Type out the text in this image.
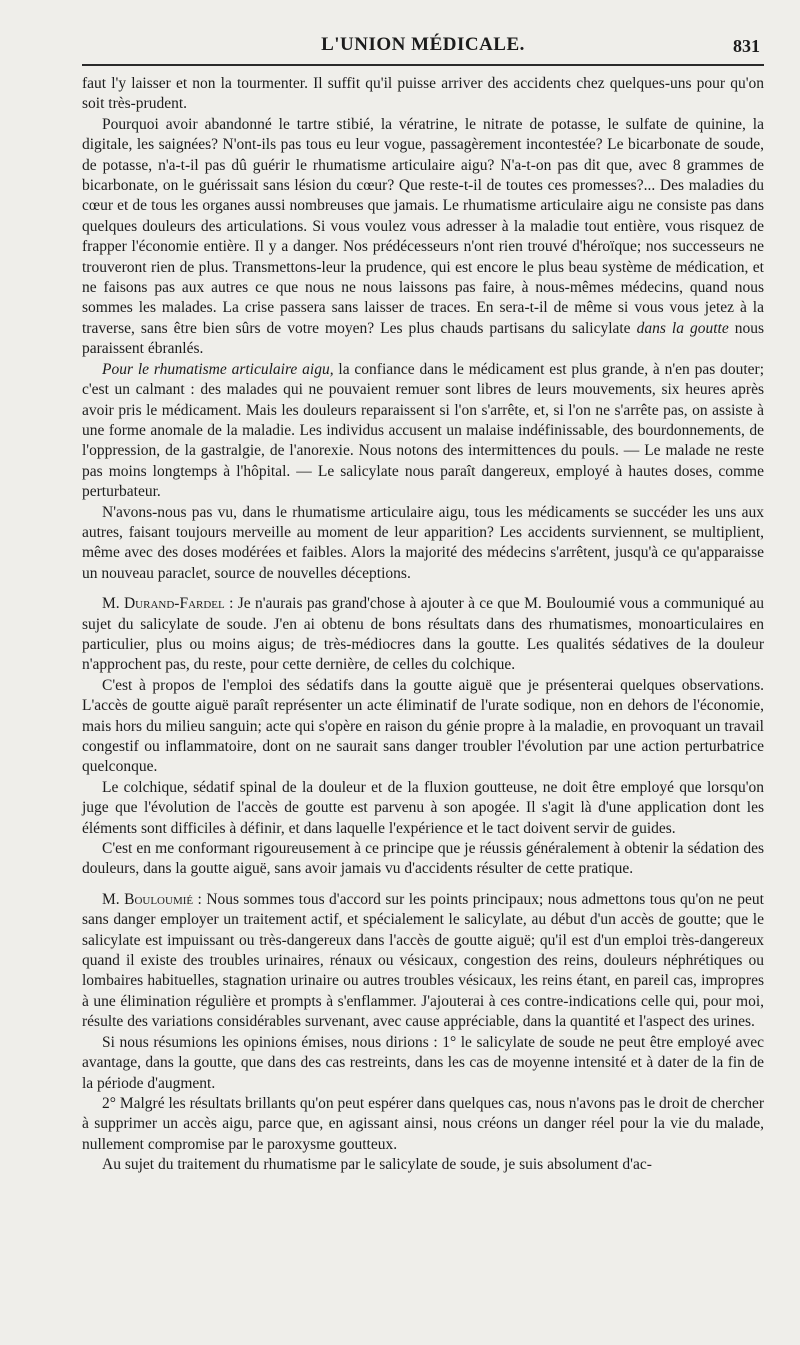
L'UNION MÉDICALE.	831

faut l'y laisser et non la tourmenter. Il suffit qu'il puisse arriver des accidents chez quelques-uns pour qu'on soit très-prudent.

Pourquoi avoir abandonné le tartre stibié, la vératrine, le nitrate de potasse, le sulfate de quinine, la digitale, les saignées? N'ont-ils pas tous eu leur vogue, passagèrement incontestée? Le bicarbonate de soude, de potasse, n'a-t-il pas dû guérir le rhumatisme articulaire aigu? N'a-t-on pas dit que, avec 8 grammes de bicarbonate, on le guérissait sans lésion du cœur? Que reste-t-il de toutes ces promesses?... Des maladies du cœur et de tous les organes aussi nombreuses que jamais. Le rhumatisme articulaire aigu ne consiste pas dans quelques douleurs des articulations. Si vous voulez vous adresser à la maladie tout entière, vous risquez de frapper l'économie entière. Il y a danger. Nos prédécesseurs n'ont rien trouvé d'héroïque; nos successeurs ne trouveront rien de plus. Transmettons-leur la prudence, qui est encore le plus beau système de médication, et ne faisons pas aux autres ce que nous ne nous laissons pas faire, à nous-mêmes médecins, quand nous sommes les malades. La crise passera sans laisser de traces. En sera-t-il de même si vous vous jetez à la traverse, sans être bien sûrs de votre moyen? Les plus chauds partisans du salicylate dans la goutte nous paraissent ébranlés.

Pour le rhumatisme articulaire aigu, la confiance dans le médicament est plus grande, à n'en pas douter; c'est un calmant : des malades qui ne pouvaient remuer sont libres de leurs mouvements, six heures après avoir pris le médicament. Mais les douleurs reparaissent si l'on s'arrête, et, si l'on ne s'arrête pas, on assiste à une forme anomale de la maladie. Les individus accusent un malaise indéfinissable, des bourdonnements, de l'oppression, de la gastralgie, de l'anorexie. Nous notons des intermittences du pouls. — Le malade ne reste pas moins longtemps à l'hôpital. — Le salicylate nous paraît dangereux, employé à hautes doses, comme perturbateur.

N'avons-nous pas vu, dans le rhumatisme articulaire aigu, tous les médicaments se succéder les uns aux autres, faisant toujours merveille au moment de leur apparition? Les accidents surviennent, se multiplient, même avec des doses modérées et faibles. Alors la majorité des médecins s'arrêtent, jusqu'à ce qu'apparaisse un nouveau paraclet, source de nouvelles déceptions.

M. Durand-Fardel : Je n'aurais pas grand'chose à ajouter à ce que M. Bouloumié vous a communiqué au sujet du salicylate de soude. J'en ai obtenu de bons résultats dans des rhumatismes, monoarticulaires en particulier, plus ou moins aigus; de très-médiocres dans la goutte. Les qualités sédatives de la douleur n'approchent pas, du reste, pour cette dernière, de celles du colchique.

C'est à propos de l'emploi des sédatifs dans la goutte aiguë que je présenterai quelques observations. L'accès de goutte aiguë paraît représenter un acte éliminatif de l'urate sodique, non en dehors de l'économie, mais hors du milieu sanguin; acte qui s'opère en raison du génie propre à la maladie, en provoquant un travail congestif ou inflammatoire, dont on ne saurait sans danger troubler l'évolution par une action perturbatrice quelconque.

Le colchique, sédatif spinal de la douleur et de la fluxion goutteuse, ne doit être employé que lorsqu'on juge que l'évolution de l'accès de goutte est parvenu à son apogée. Il s'agit là d'une application dont les éléments sont difficiles à définir, et dans laquelle l'expérience et le tact doivent servir de guides.

C'est en me conformant rigoureusement à ce principe que je réussis généralement à obtenir la sédation des douleurs, dans la goutte aiguë, sans avoir jamais vu d'accidents résulter de cette pratique.

M. Bouloumié : Nous sommes tous d'accord sur les points principaux; nous admettons tous qu'on ne peut sans danger employer un traitement actif, et spécialement le salicylate, au début d'un accès de goutte; que le salicylate est impuissant ou très-dangereux dans l'accès de goutte aiguë; qu'il est d'un emploi très-dangereux quand il existe des troubles urinaires, rénaux ou vésicaux, congestion des reins, douleurs néphrétiques ou lombaires habituelles, stagnation urinaire ou autres troubles vésicaux, les reins étant, en pareil cas, impropres à une élimination régulière et prompts à s'enflammer. J'ajouterai à ces contre-indications celle qui, pour moi, résulte des variations considérables survenant, avec cause appréciable, dans la quantité et l'aspect des urines.

Si nous résumions les opinions émises, nous dirions : 1° le salicylate de soude ne peut être employé avec avantage, dans la goutte, que dans des cas restreints, dans les cas de moyenne intensité et à dater de la fin de la période d'augment.

2° Malgré les résultats brillants qu'on peut espérer dans quelques cas, nous n'avons pas le droit de chercher à supprimer un accès aigu, parce que, en agissant ainsi, nous créons un danger réel pour la vie du malade, nullement compromise par le paroxysme goutteux.

Au sujet du traitement du rhumatisme par le salicylate de soude, je suis absolument d'ac-
